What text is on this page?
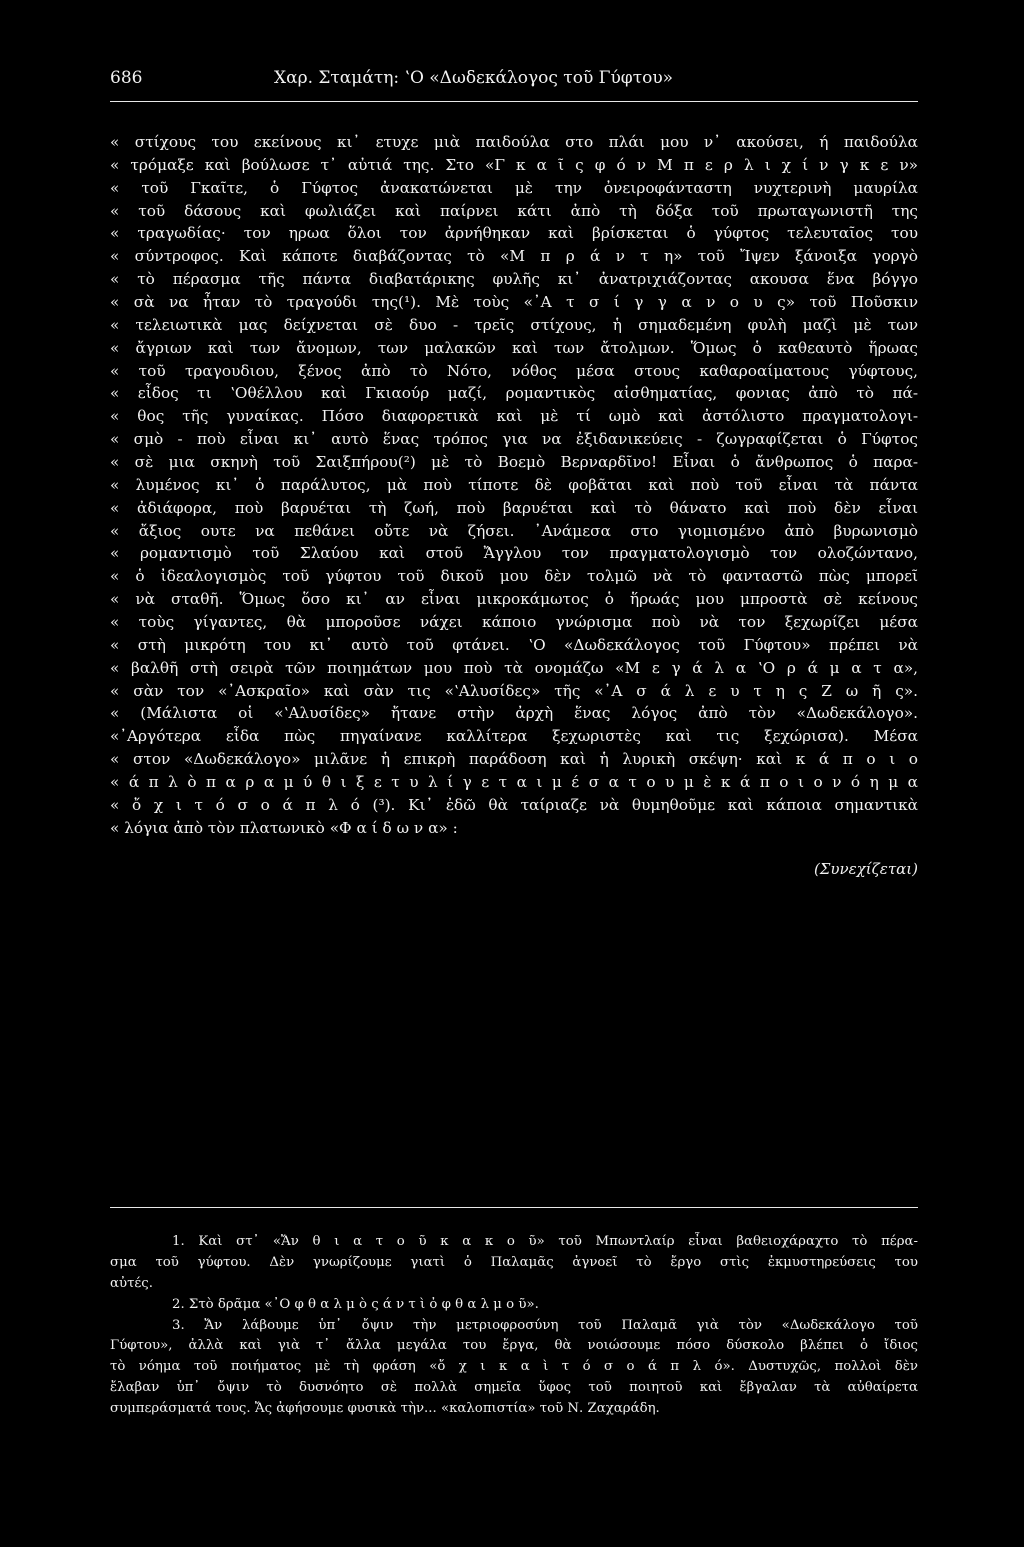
686	Χαρ. Σταμάτη: ʽΟ «Δωδεκάλογος τοῦ Γύφτου»
« στίχους του εκείνους κι᾽ ετυχε μιὰ παιδούλα στο πλάι μου ν᾽ ακούσει, ή παιδούλα
« τρόμαξε καὶ βούλωσε τ᾽ αὐτιά της. Στο «Γ κ α ῖ ς φ ό ν Μ π ε ρ λ ι χ ί ν γ κ ε ν»
« τοῦ Γκαῖτε, ὁ Γύφτος ἀνακατώνεται μὲ την ὀνειροφάνταστη νυχτερινὴ μαυρίλα
« τοῦ δάσους καὶ φωλιάζει καὶ παίρνει κάτι ἀπὸ τὴ δόξα τοῦ πρωταγωνιστῆ της
« τραγωδίας· τον ηρωα ὅλοι τον ἀρνήθηκαν καὶ βρίσκεται ὁ γύφτος τελευταῖος του
« σύντροφος. Καὶ κάποτε διαβάζοντας τὸ «Μ π ρ ά ν τ η» τοῦ Ἴψεν ξάνοιξα γοργὸ
« τὸ πέρασμα τῆς πάντα διαβατάρικης φυλῆς κι᾽ ἀνατριχιάζοντας ακουσα ἕνα βόγγο
« σὰ να ἦταν τὸ τραγούδι της(¹). Μὲ τοὺς «᾽Α τ σ ί γ γ α ν ο υ ς» τοῦ Ποῦσκιν
« τελειωτικὰ μας δείχνεται σὲ δυο - τρεῖς στίχους, ἡ σημαδεμένη φυλὴ μαζὶ μὲ των
« ἄγριων καὶ των ἄνομων, των μαλακῶν καὶ των ἄτολμων. Ὅμως ὁ καθεαυτὸ ἥρωας
« τοῦ τραγουδιου, ξένος ἀπὸ τὸ Νότο, νόθος μέσα στους καθαροαίματους γύφτους,
« εἶδος τι ʽΟθέλλου καὶ Γκιαούρ μαζί, ρομαντικὸς αἰσθηματίας, φονιας ἀπὸ τὸ πά-
« θος τῆς γυναίκας. Πόσο διαφορετικὰ καὶ μὲ τί ωμὸ καὶ ἀστόλιστο πραγματολογι-
« σμὸ - ποὺ εἶναι κι᾽ αυτὸ ἕνας τρόπος για να ἐξιδανικεύεις - ζωγραφίζεται ὁ Γύφτος
« σὲ μια σκηνὴ τοῦ Σαιξπήρου(²) μὲ τὸ Βοεμὸ Βερναρδῖνο! Εἶναι ὁ ἄνθρωπος ὁ παρα-
« λυμένος κι᾽ ὁ παράλυτος, μὰ ποὺ τίποτε δὲ φοβᾶται καὶ ποὺ τοῦ εἶναι τὰ πάντα
« ἀδιάφορα, ποὺ βαρυέται τὴ ζωή, ποὺ βαρυέται καὶ τὸ θάνατο καὶ ποὺ δὲν εἶναι
« ἄξιος ουτε να πεθάνει οὔτε νὰ ζήσει. ᾽Ανάμεσα στο γιομισμένο ἀπὸ βυρωνισμὸ
« ρομαντισμὸ τοῦ Σλαύου καὶ στοῦ Ἄγγλου τον πραγματολογισμὸ τον ολοζώντανο,
« ὁ ἰδεαλογισμὸς τοῦ γύφτου τοῦ δικοῦ μου δὲν τολμῶ νὰ τὸ φανταστῶ πὼς μπορεῖ
« νὰ σταθῆ. Ὅμως ὅσο κι᾽ αν εἶναι μικροκάμωτος ὁ ἥρωάς μου μπροστὰ σὲ κείνους
« τοὺς γίγαντες, θὰ μποροῦσε νάχει κάποιο γνώρισμα ποὺ νὰ τον ξεχωρίζει μέσα
« στὴ μικρότη του κι᾽ αυτὸ τοῦ φτάνει. ʽΟ «Δωδεκάλογος τοῦ Γύφτου» πρέπει νὰ
« βαλθῆ στὴ σειρὰ τῶν ποιημάτων μου ποὺ τὰ ονομάζω «Μ ε γ ά λ α ʽΟ ρ ά μ α τ α»,
« σὰν τον «᾽Ασκραῖο» καὶ σὰν τις «ʽΑλυσίδες» τῆς «᾽Α σ ά λ ε υ τ η ς Ζ ω ῆ ς».
« (Μάλιστα οἱ «ʽΑλυσίδες» ἤτανε στὴν ἀρχὴ ἕνας λόγος ἀπὸ τὸν «Δωδεκάλογο».
«᾽Αργότερα εἶδα πὼς πηγαίνανε καλλίτερα ξεχωριστὲς καὶ τις ξεχώρισα). Μέσα
« στον «Δωδεκάλογο» μιλᾶνε ἡ επικρὴ παράδοση καὶ ἡ λυρικὴ σκέψη· καὶ κ ά π ο ι ο
« ά π λ ὸ π α ρ α μ ύ θ ι ξ ε τ υ λ ί γ ε τ α ι μ έ σ α τ ο υ μ ὲ κ ά π ο ι ο ν ό η μ α
« ὄ χ ι τ ό σ ο ά π λ ό (³). Κι᾽ ἐδῶ θὰ ταίριαζε νὰ θυμηθοῦμε καὶ κάποια σημαντικὰ
« λόγια ἀπὸ τὸν πλατωνικὸ «Φ α ί δ ω ν α» :
(Συνεχίζεται)
1. Καὶ στ᾽ «Ἄν θ ι α τ ο ῦ κ α κ ο ῦ» τοῦ Μπωντλαίρ εἶναι βαθειοχάραχτο τὸ πέρα-
σμα τοῦ γύφτου. Δὲν γνωρίζουμε γιατὶ ὁ Παλαμᾶς ἀγνοεῖ τὸ ἔργο στὶς ἐκμυστηρεύσεις του
αὐτές.
2. Στὸ δρᾶμα «᾽Ο φ θ α λ μ ὸ ς ά ν τ ὶ ὀ φ θ α λ μ ο ῦ».
3. Ἄν λάβουμε ὑπ᾽ ὄψιν τὴν μετριοφροσύνη τοῦ Παλαμᾶ γιὰ τὸν «Δωδεκάλογο τοῦ
Γύφτου», ἀλλὰ καὶ γιὰ τ᾽ ἄλλα μεγάλα του ἔργα, θὰ νοιώσουμε πόσο δύσκολο βλέπει ὁ ἴδιος
τὸ νόημα τοῦ ποιήματος μὲ τὴ φράση «ὄ χ ι κ α ὶ τ ό σ ο ά π λ ό». Δυστυχῶς, πολλοὶ δὲν
ἔλαβαν ὑπ᾽ ὄψιν τὸ δυσνόητο σὲ πολλὰ σημεῖα ὕφος τοῦ ποιητοῦ καὶ ἔβγαλαν τὰ αὐθαίρετα
συμπεράσματά τους. Ἄς ἀφήσουμε φυσικὰ τὴν... «καλοπιστία» τοῦ Ν. Ζαχαράδη.
